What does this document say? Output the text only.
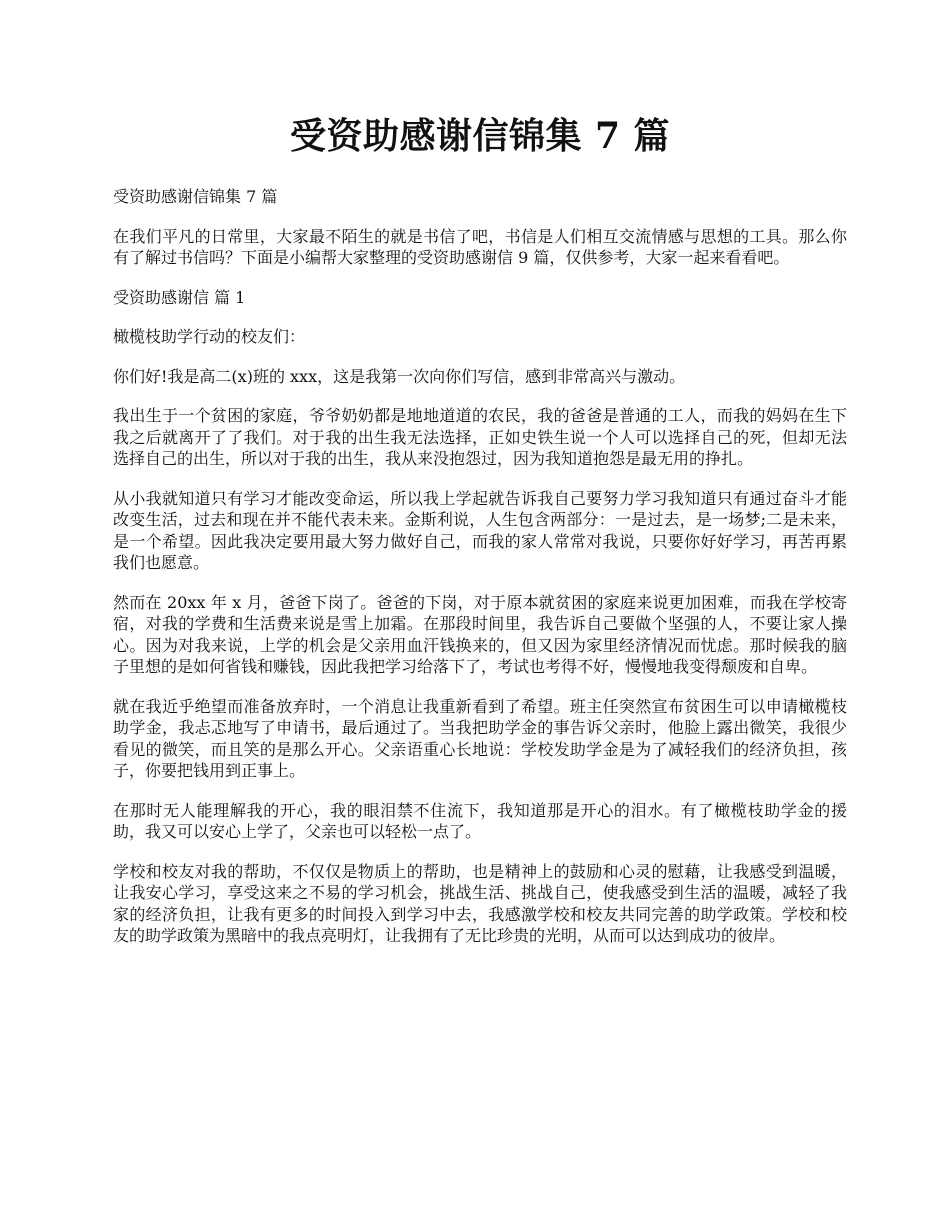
受资助感谢信锦集 7 篇

受资助感谢信锦集 7 篇

在我们平凡的日常里，大家最不陌生的就是书信了吧，书信是人们相互交流情感与思想的工具。那么你有了解过书信吗？下面是小编帮大家整理的受资助感谢信 9 篇，仅供参考，大家一起来看看吧。

受资助感谢信 篇 1

橄榄枝助学行动的校友们：

你们好!我是高二(x)班的 xxx，这是我第一次向你们写信，感到非常高兴与激动。

我出生于一个贫困的家庭，爷爷奶奶都是地地道道的农民，我的爸爸是普通的工人，而我的妈妈在生下我之后就离开了了我们。对于我的出生我无法选择，正如史铁生说一个人可以选择自己的死，但却无法选择自己的出生，所以对于我的出生，我从来没抱怨过，因为我知道抱怨是最无用的挣扎。

从小我就知道只有学习才能改变命运，所以我上学起就告诉我自己要努力学习我知道只有通过奋斗才能改变生活，过去和现在并不能代表未来。金斯利说，人生包含两部分：一是过去，是一场梦;二是未来，是一个希望。因此我决定要用最大努力做好自己，而我的家人常常对我说，只要你好好学习，再苦再累我们也愿意。

然而在 20xx 年 x 月，爸爸下岗了。爸爸的下岗，对于原本就贫困的家庭来说更加困难，而我在学校寄宿，对我的学费和生活费来说是雪上加霜。在那段时间里，我告诉自己要做个坚强的人，不要让家人操心。因为对我来说，上学的机会是父亲用血汗钱换来的，但又因为家里经济情况而忧虑。那时候我的脑子里想的是如何省钱和赚钱，因此我把学习给落下了，考试也考得不好，慢慢地我变得颓废和自卑。

就在我近乎绝望而准备放弃时，一个消息让我重新看到了希望。班主任突然宣布贫困生可以申请橄榄枝助学金，我忐忑地写了申请书，最后通过了。当我把助学金的事告诉父亲时，他脸上露出微笑，我很少看见的微笑，而且笑的是那么开心。父亲语重心长地说：学校发助学金是为了减轻我们的经济负担，孩子，你要把钱用到正事上。

在那时无人能理解我的开心，我的眼泪禁不住流下，我知道那是开心的泪水。有了橄榄枝助学金的援助，我又可以安心上学了，父亲也可以轻松一点了。

学校和校友对我的帮助，不仅仅是物质上的帮助，也是精神上的鼓励和心灵的慰藉，让我感受到温暖，让我安心学习，享受这来之不易的学习机会，挑战生活、挑战自己，使我感受到生活的温暖，减轻了我家的经济负担，让我有更多的时间投入到学习中去，我感激学校和校友共同完善的助学政策。学校和校友的助学政策为黑暗中的我点亮明灯，让我拥有了无比珍贵的光明，从而可以达到成功的彼岸。
